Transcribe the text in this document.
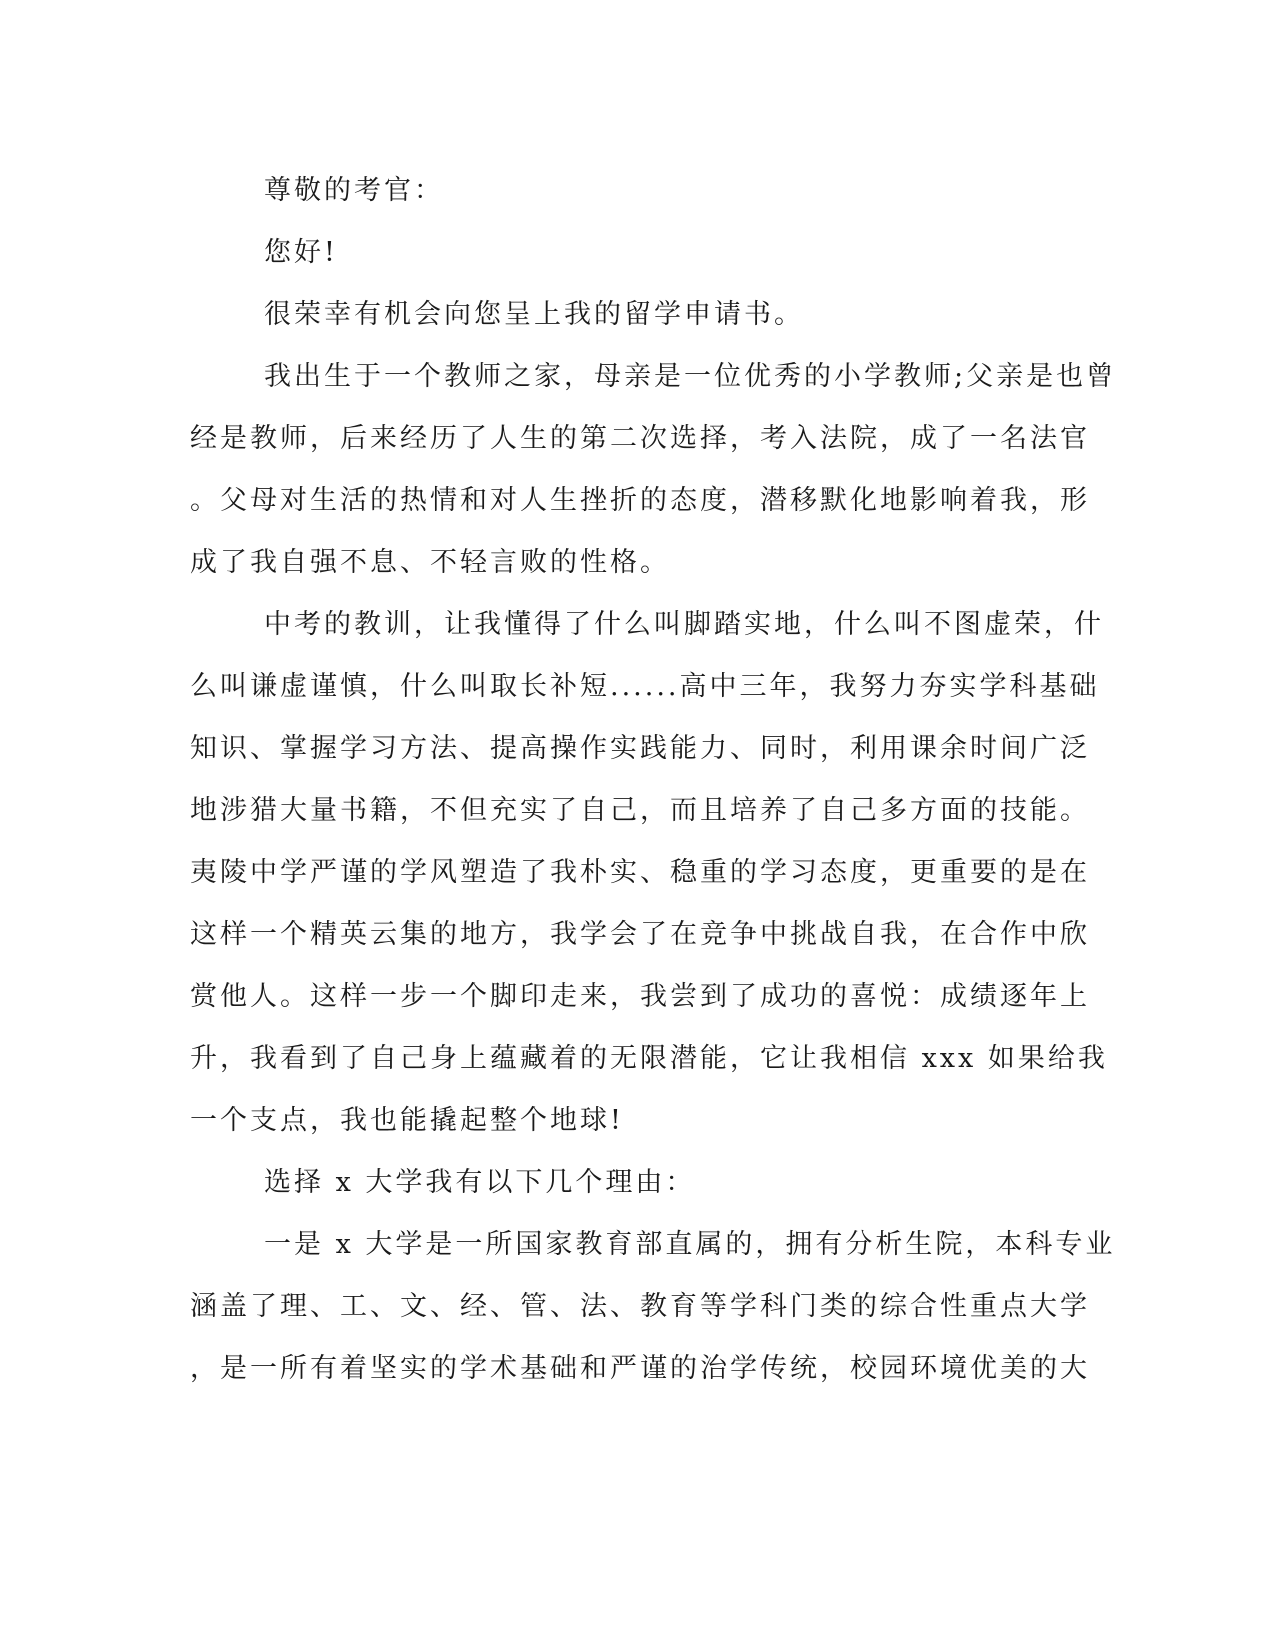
尊敬的考官：
您好!
很荣幸有机会向您呈上我的留学申请书。
我出生于一个教师之家，母亲是一位优秀的小学教师;父亲是也曾
经是教师，后来经历了人生的第二次选择，考入法院，成了一名法官
。父母对生活的热情和对人生挫折的态度，潜移默化地影响着我，形
成了我自强不息、不轻言败的性格。
中考的教训，让我懂得了什么叫脚踏实地，什么叫不图虚荣，什
么叫谦虚谨慎，什么叫取长补短......高中三年，我努力夯实学科基础
知识、掌握学习方法、提高操作实践能力、同时，利用课余时间广泛
地涉猎大量书籍，不但充实了自己，而且培养了自己多方面的技能。
夷陵中学严谨的学风塑造了我朴实、稳重的学习态度，更重要的是在
这样一个精英云集的地方，我学会了在竞争中挑战自我，在合作中欣
赏他人。这样一步一个脚印走来，我尝到了成功的喜悦：成绩逐年上
升，我看到了自己身上蕴藏着的无限潜能，它让我相信 xxx 如果给我
一个支点，我也能撬起整个地球!
选择 x 大学我有以下几个理由：
一是 x 大学是一所国家教育部直属的，拥有分析生院，本科专业
涵盖了理、工、文、经、管、法、教育等学科门类的综合性重点大学
，是一所有着坚实的学术基础和严谨的治学传统，校园环境优美的大
